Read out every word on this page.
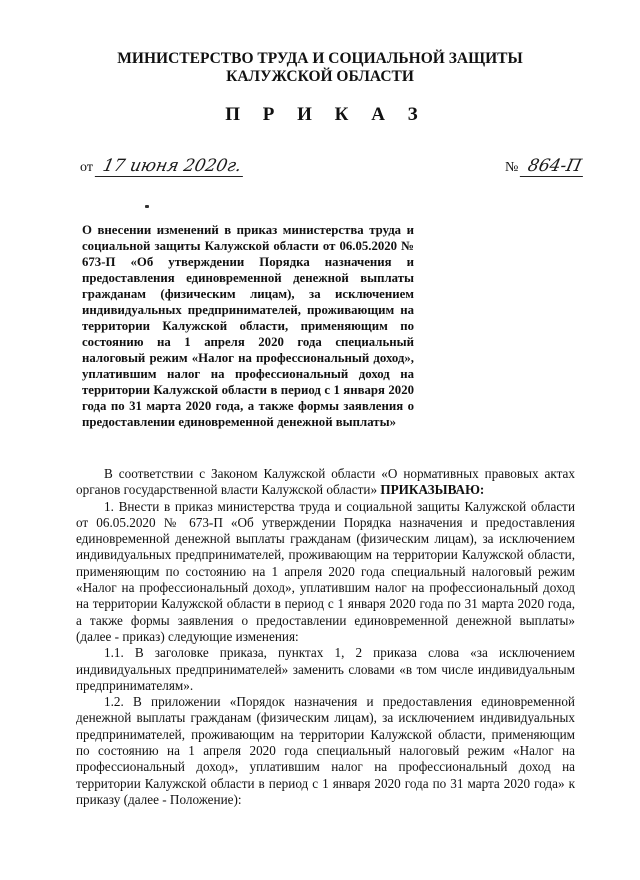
МИНИСТЕРСТВО ТРУДА И СОЦИАЛЬНОЙ ЗАЩИТЫ
КАЛУЖСКОЙ ОБЛАСТИ
П Р И К А З
от 17 июня 2020г.	№ 864-П

О внесении изменений в приказ министерства труда и социальной защиты Калужской области от 06.05.2020 № 673-П «Об утверждении Порядка назначения и предоставления единовременной денежной выплаты гражданам (физическим лицам), за исключением индивидуальных предпринимателей, проживающим на территории Калужской области, применяющим по состоянию на 1 апреля 2020 года специальный налоговый режим «Налог на профессиональный доход», уплатившим налог на профессиональный доход на территории Калужской области в период с 1 января 2020 года по 31 марта 2020 года, а также формы заявления о предоставлении единовременной денежной выплаты»

В соответствии с Законом Калужской области «О нормативных правовых актах органов государственной власти Калужской области» ПРИКАЗЫВАЮ:

1. Внести в приказ министерства труда и социальной защиты Калужской области от 06.05.2020 № 673-П «Об утверждении Порядка назначения и предоставления единовременной денежной выплаты гражданам (физическим лицам), за исключением индивидуальных предпринимателей, проживающим на территории Калужской области, применяющим по состоянию на 1 апреля 2020 года специальный налоговый режим «Налог на профессиональный доход», уплатившим налог на профессиональный доход на территории Калужской области в период с 1 января 2020 года по 31 марта 2020 года, а также формы заявления о предоставлении единовременной денежной выплаты» (далее - приказ) следующие изменения:

1.1. В заголовке приказа, пунктах 1, 2 приказа слова «за исключением индивидуальных предпринимателей» заменить словами «в том числе индивидуальным предпринимателям».

1.2. В приложении «Порядок назначения и предоставления единовременной денежной выплаты гражданам (физическим лицам), за исключением индивидуальных предпринимателей, проживающим на территории Калужской области, применяющим по состоянию на 1 апреля 2020 года специальный налоговый режим «Налог на профессиональный доход», уплатившим налог на профессиональный доход на территории Калужской области в период с 1 января 2020 года по 31 марта 2020 года» к приказу (далее - Положение):
